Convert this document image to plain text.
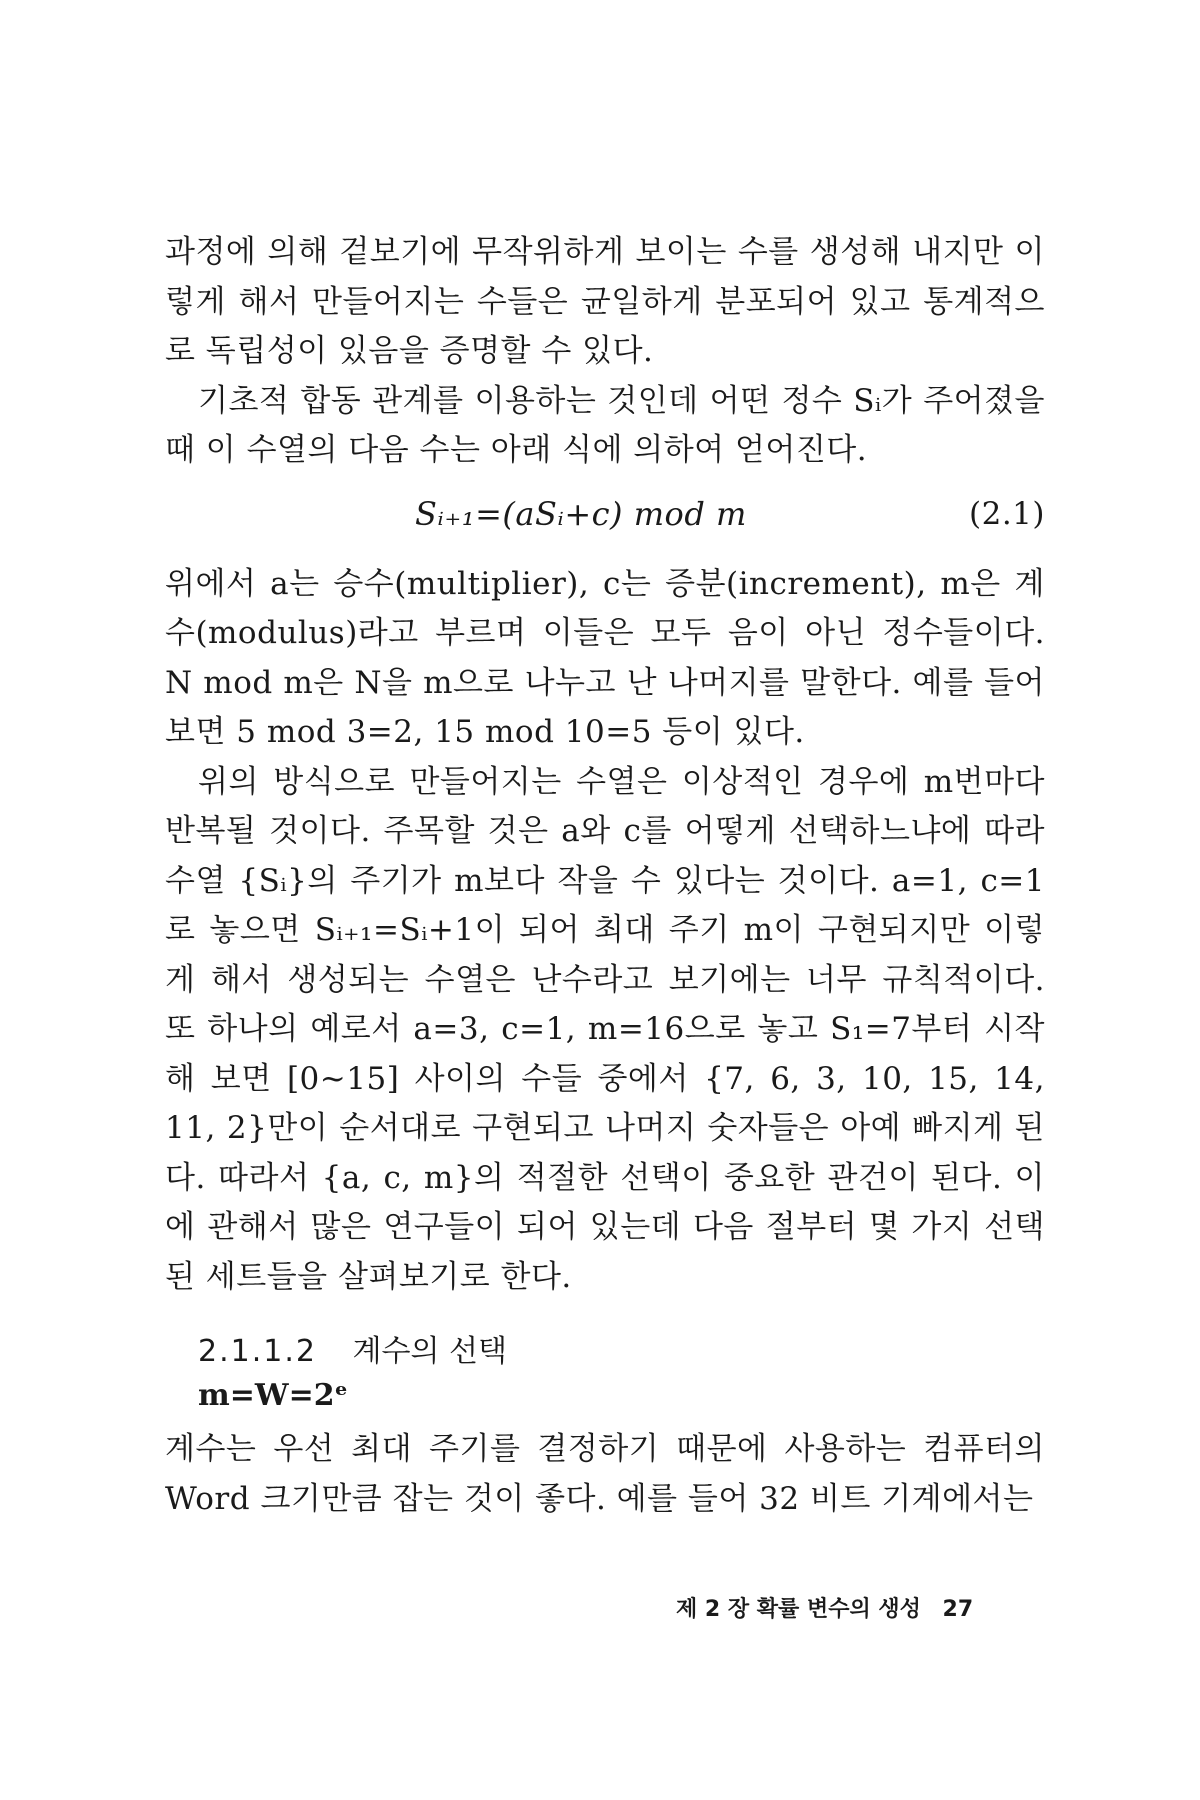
과정에 의해 겉보기에 무작위하게 보이는 수를 생성해 내지만 이렇게 해서 만들어지는 수들은 균일하게 분포되어 있고 통계적으로 독립성이 있음을 증명할 수 있다.

기초적 합동 관계를 이용하는 것인데 어떤 정수 Sᵢ가 주어졌을 때 이 수열의 다음 수는 아래 식에 의하여 얻어진다.

Sᵢ₊₁=(aSᵢ+c) mod m	(2.1)

위에서 a는 승수(multiplier), c는 증분(increment), m은 계수(modulus)라고 부르며 이들은 모두 음이 아닌 정수들이다. N mod m은 N을 m으로 나누고 난 나머지를 말한다. 예를 들어 보면 5 mod 3=2, 15 mod 10=5 등이 있다.

위의 방식으로 만들어지는 수열은 이상적인 경우에 m번마다 반복될 것이다. 주목할 것은 a와 c를 어떻게 선택하느냐에 따라 수열 {Sᵢ}의 주기가 m보다 작을 수 있다는 것이다. a=1, c=1로 놓으면 Sᵢ₊₁=Sᵢ+1이 되어 최대 주기 m이 구현되지만 이렇게 해서 생성되는 수열은 난수라고 보기에는 너무 규칙적이다. 또 하나의 예로서 a=3, c=1, m=16으로 놓고 S₁=7부터 시작해 보면 [0~15] 사이의 수들 중에서 {7, 6, 3, 10, 15, 14, 11, 2}만이 순서대로 구현되고 나머지 숫자들은 아예 빠지게 된다. 따라서 {a, c, m}의 적절한 선택이 중요한 관건이 된다. 이에 관해서 많은 연구들이 되어 있는데 다음 절부터 몇 가지 선택된 세트들을 살펴보기로 한다.

2.1.1.2 계수의 선택
m=W=2ᵉ
계수는 우선 최대 주기를 결정하기 때문에 사용하는 컴퓨터의 Word 크기만큼 잡는 것이 좋다. 예를 들어 32 비트 기계에서는
제 2 장 확률 변수의 생성 27
